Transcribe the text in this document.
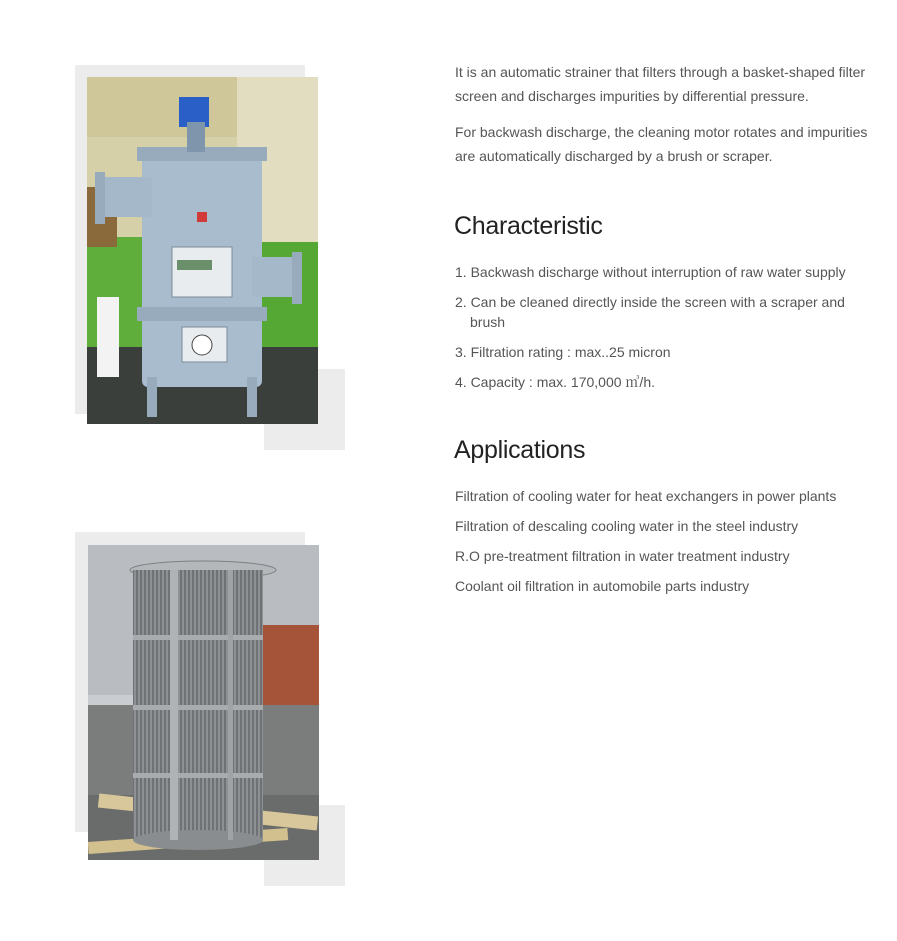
It is an automatic strainer that filters through a basket-shaped filter screen and discharges impurities by differential pressure.

For backwash discharge, the cleaning motor rotates and impurities are automatically discharged by a brush or scraper.

Characteristic
1. Backwash discharge without interruption of raw water supply
2. Can be cleaned directly inside the screen with a scraper and brush
3. Filtration rating : max..25 micron
4. Capacity : max. 170,000 ㎥/h.
Applications
Filtration of cooling water for heat exchangers in power plants
Filtration of descaling cooling water in the steel industry
R.O pre-treatment filtration in water treatment industry
Coolant oil filtration in automobile parts industry
